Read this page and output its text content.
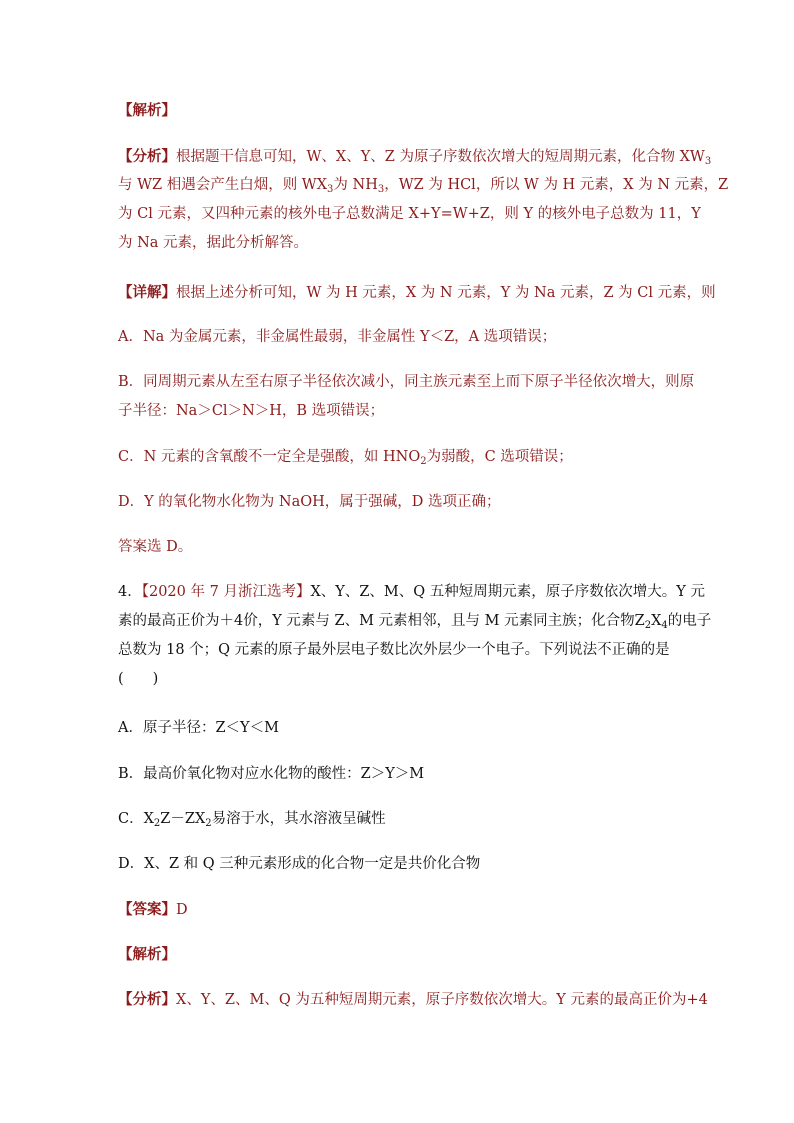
【解析】
【分析】根据题干信息可知，W、X、Y、Z 为原子序数依次增大的短周期元素，化合物 $XW_3$
与 WZ 相遇会产生白烟，则 $WX_3$为 $NH_3$，WZ 为 HCl，所以 W 为 H 元素，X 为 N 元素，Z
为 Cl 元素，又四种元素的核外电子总数满足 X+Y=W+Z，则 Y 的核外电子总数为 11，Y
为 Na 元素，据此分析解答。
【详解】根据上述分析可知，W 为 H 元素，X 为 N 元素，Y 为 Na 元素，Z 为 Cl 元素，则
A．Na 为金属元素，非金属性最弱，非金属性 Y＜Z，A 选项错误；
B．同周期元素从左至右原子半径依次减小，同主族元素至上而下原子半径依次增大，则原
子半径：Na＞Cl＞N＞H，B 选项错误；
C．N 元素的含氧酸不一定全是强酸，如 $HNO_2$为弱酸，C 选项错误；
D．Y 的氧化物水化物为 NaOH，属于强碱，D 选项正确；
答案选 D。
4．【2020 年 7 月浙江选考】X、Y、Z、M、Q 五种短周期元素，原子序数依次增大。Y 元
素的最高正价为＋4价，Y 元素与 Z、M 元素相邻，且与 M 元素同主族；化合物$Z_2X_4$的电子
总数为 18 个；Q 元素的原子最外层电子数比次外层少一个电子。下列说法不正确的是
(　　)
A．原子半径：Z＜Y＜M
B．最高价氧化物对应水化物的酸性：Z＞Y＞M
C．$X_2Z-ZX_2$易溶于水，其水溶液呈碱性
D．X、Z 和 Q 三种元素形成的化合物一定是共价化合物
【答案】D
【解析】
【分析】X、Y、Z、M、Q 为五种短周期元素，原子序数依次增大。Y 元素的最高正价为+4
